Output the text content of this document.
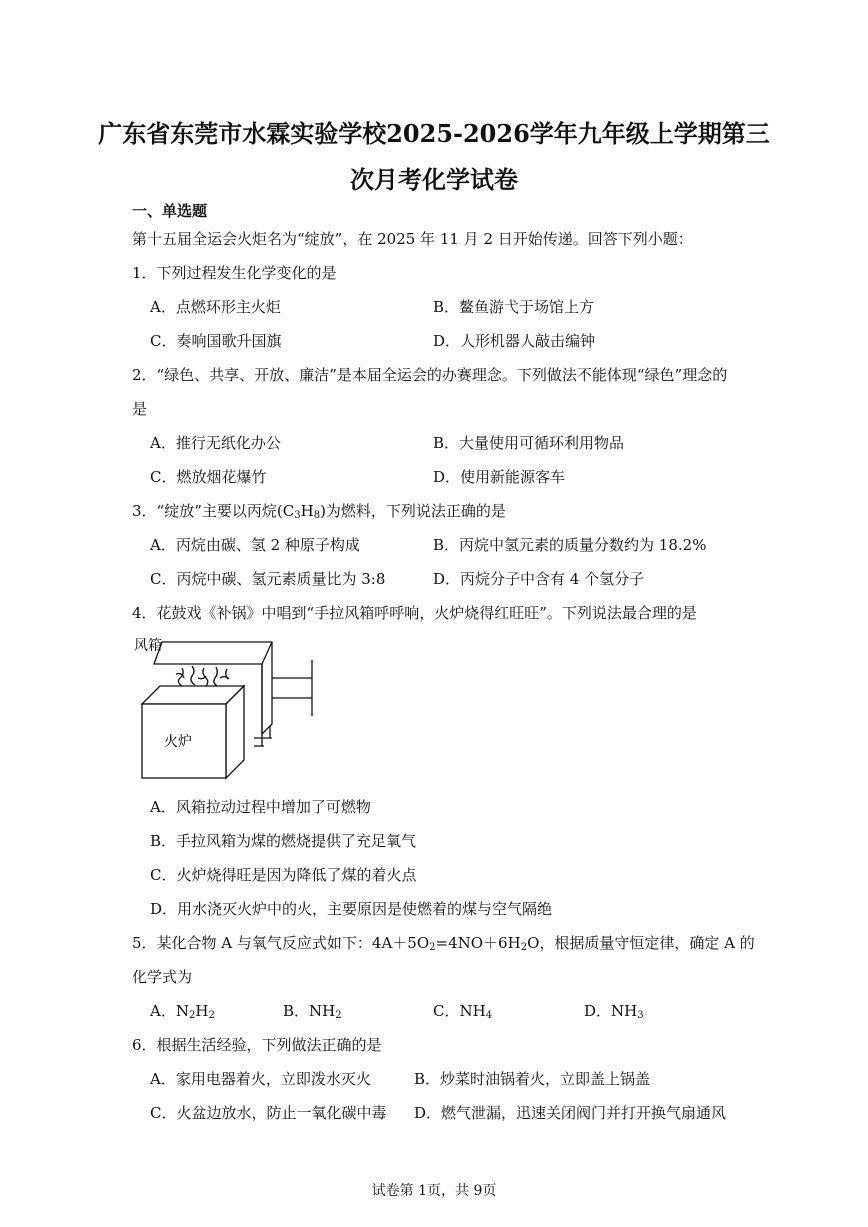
广东省东莞市水霖实验学校2025-2026学年九年级上学期第三
次月考化学试卷
一、单选题
第十五届全运会火炬名为“绽放”，在 2025 年 11 月 2 日开始传递。回答下列小题：
1．下列过程发生化学变化的是
A．点燃环形主火炬	B．鳌鱼游弋于场馆上方
C．奏响国歌升国旗	D．人形机器人敲击编钟
2．“绿色、共享、开放、廉洁”是本届全运会的办赛理念。下列做法不能体现“绿色”理念的
是
A．推行无纸化办公	B．大量使用可循环利用物品
C．燃放烟花爆竹	D．使用新能源客车
3．“绽放”主要以丙烷$(C_3H_8)$为燃料，下列说法正确的是
A．丙烷由碳、氢 2 种原子构成	B．丙烷中氢元素的质量分数约为 18.2%
C．丙烷中碳、氢元素质量比为 3:8	D．丙烷分子中含有 4 个氢分子
4．花鼓戏《补锅》中唱到“手拉风箱呼呼响，火炉烧得红旺旺”。下列说法最合理的是
风箱
火炉
A．风箱拉动过程中增加了可燃物
B．手拉风箱为煤的燃烧提供了充足氧气
C．火炉烧得旺是因为降低了煤的着火点
D．用水浇灭火炉中的火，主要原因是使燃着的煤与空气隔绝
5．某化合物 A 与氧气反应式如下：$4A+5O_2=4NO+6H_2O$，根据质量守恒定律，确定 A 的
化学式为
A．$N_2H_2$	B．$NH_2$	C．$NH_4$	D．$NH_3$
6．根据生活经验，下列做法正确的是
A．家用电器着火，立即泼水灭火	B．炒菜时油锅着火，立即盖上锅盖
C．火盆边放水，防止一氧化碳中毒 D．燃气泄漏，迅速关闭阀门并打开换气扇通风
试卷第 1页，共 9页
